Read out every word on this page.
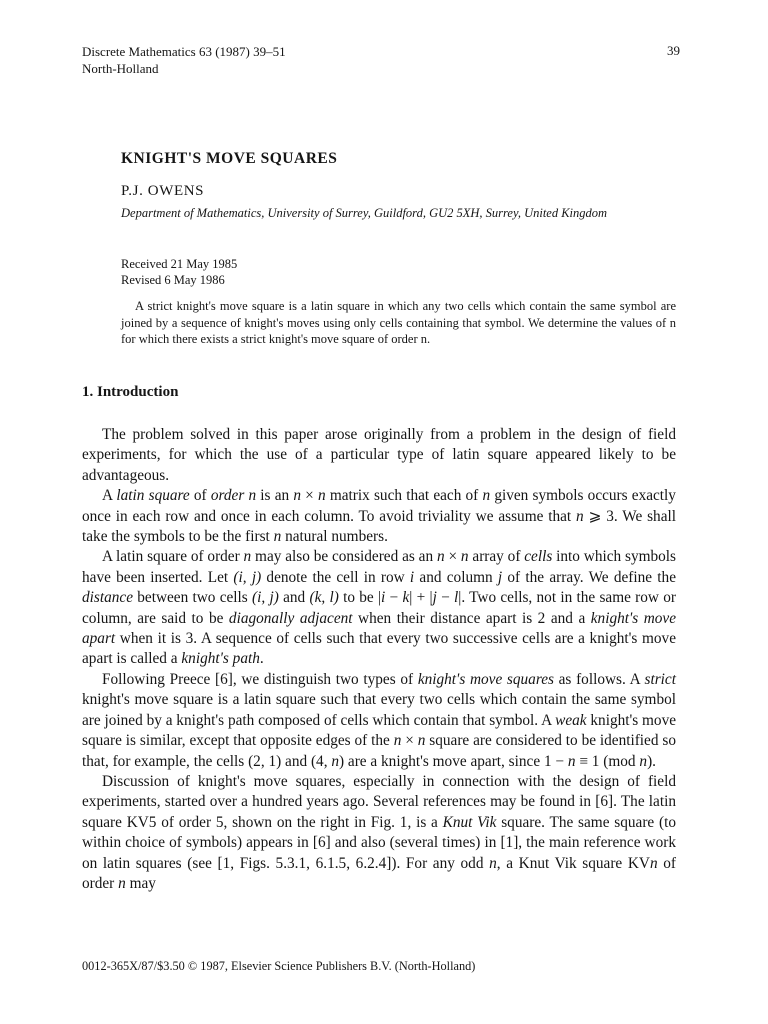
Discrete Mathematics 63 (1987) 39–51
North-Holland
39
KNIGHT'S MOVE SQUARES
P.J. OWENS
Department of Mathematics, University of Surrey, Guildford, GU2 5XH, Surrey, United Kingdom
Received 21 May 1985
Revised 6 May 1986

A strict knight's move square is a latin square in which any two cells which contain the same symbol are joined by a sequence of knight's moves using only cells containing that symbol. We determine the values of n for which there exists a strict knight's move square of order n.

1. Introduction

The problem solved in this paper arose originally from a problem in the design of field experiments, for which the use of a particular type of latin square appeared likely to be advantageous.

A latin square of order n is an n × n matrix such that each of n given symbols occurs exactly once in each row and once in each column. To avoid triviality we assume that n ⩾ 3. We shall take the symbols to be the first n natural numbers.

A latin square of order n may also be considered as an n × n array of cells into which symbols have been inserted. Let (i, j) denote the cell in row i and column j of the array. We define the distance between two cells (i, j) and (k, l) to be |i − k| + |j − l|. Two cells, not in the same row or column, are said to be diagonally adjacent when their distance apart is 2 and a knight's move apart when it is 3. A sequence of cells such that every two successive cells are a knight's move apart is called a knight's path.

Following Preece [6], we distinguish two types of knight's move squares as follows. A strict knight's move square is a latin square such that every two cells which contain the same symbol are joined by a knight's path composed of cells which contain that symbol. A weak knight's move square is similar, except that opposite edges of the n × n square are considered to be identified so that, for example, the cells (2, 1) and (4, n) are a knight's move apart, since 1 − n ≡ 1 (mod n).

Discussion of knight's move squares, especially in connection with the design of field experiments, started over a hundred years ago. Several references may be found in [6]. The latin square KV5 of order 5, shown on the right in Fig. 1, is a Knut Vik square. The same square (to within choice of symbols) appears in [6] and also (several times) in [1], the main reference work on latin squares (see [1, Figs. 5.3.1, 6.1.5, 6.2.4]). For any odd n, a Knut Vik square KVn of order n may

0012-365X/87/$3.50 © 1987, Elsevier Science Publishers B.V. (North-Holland)
